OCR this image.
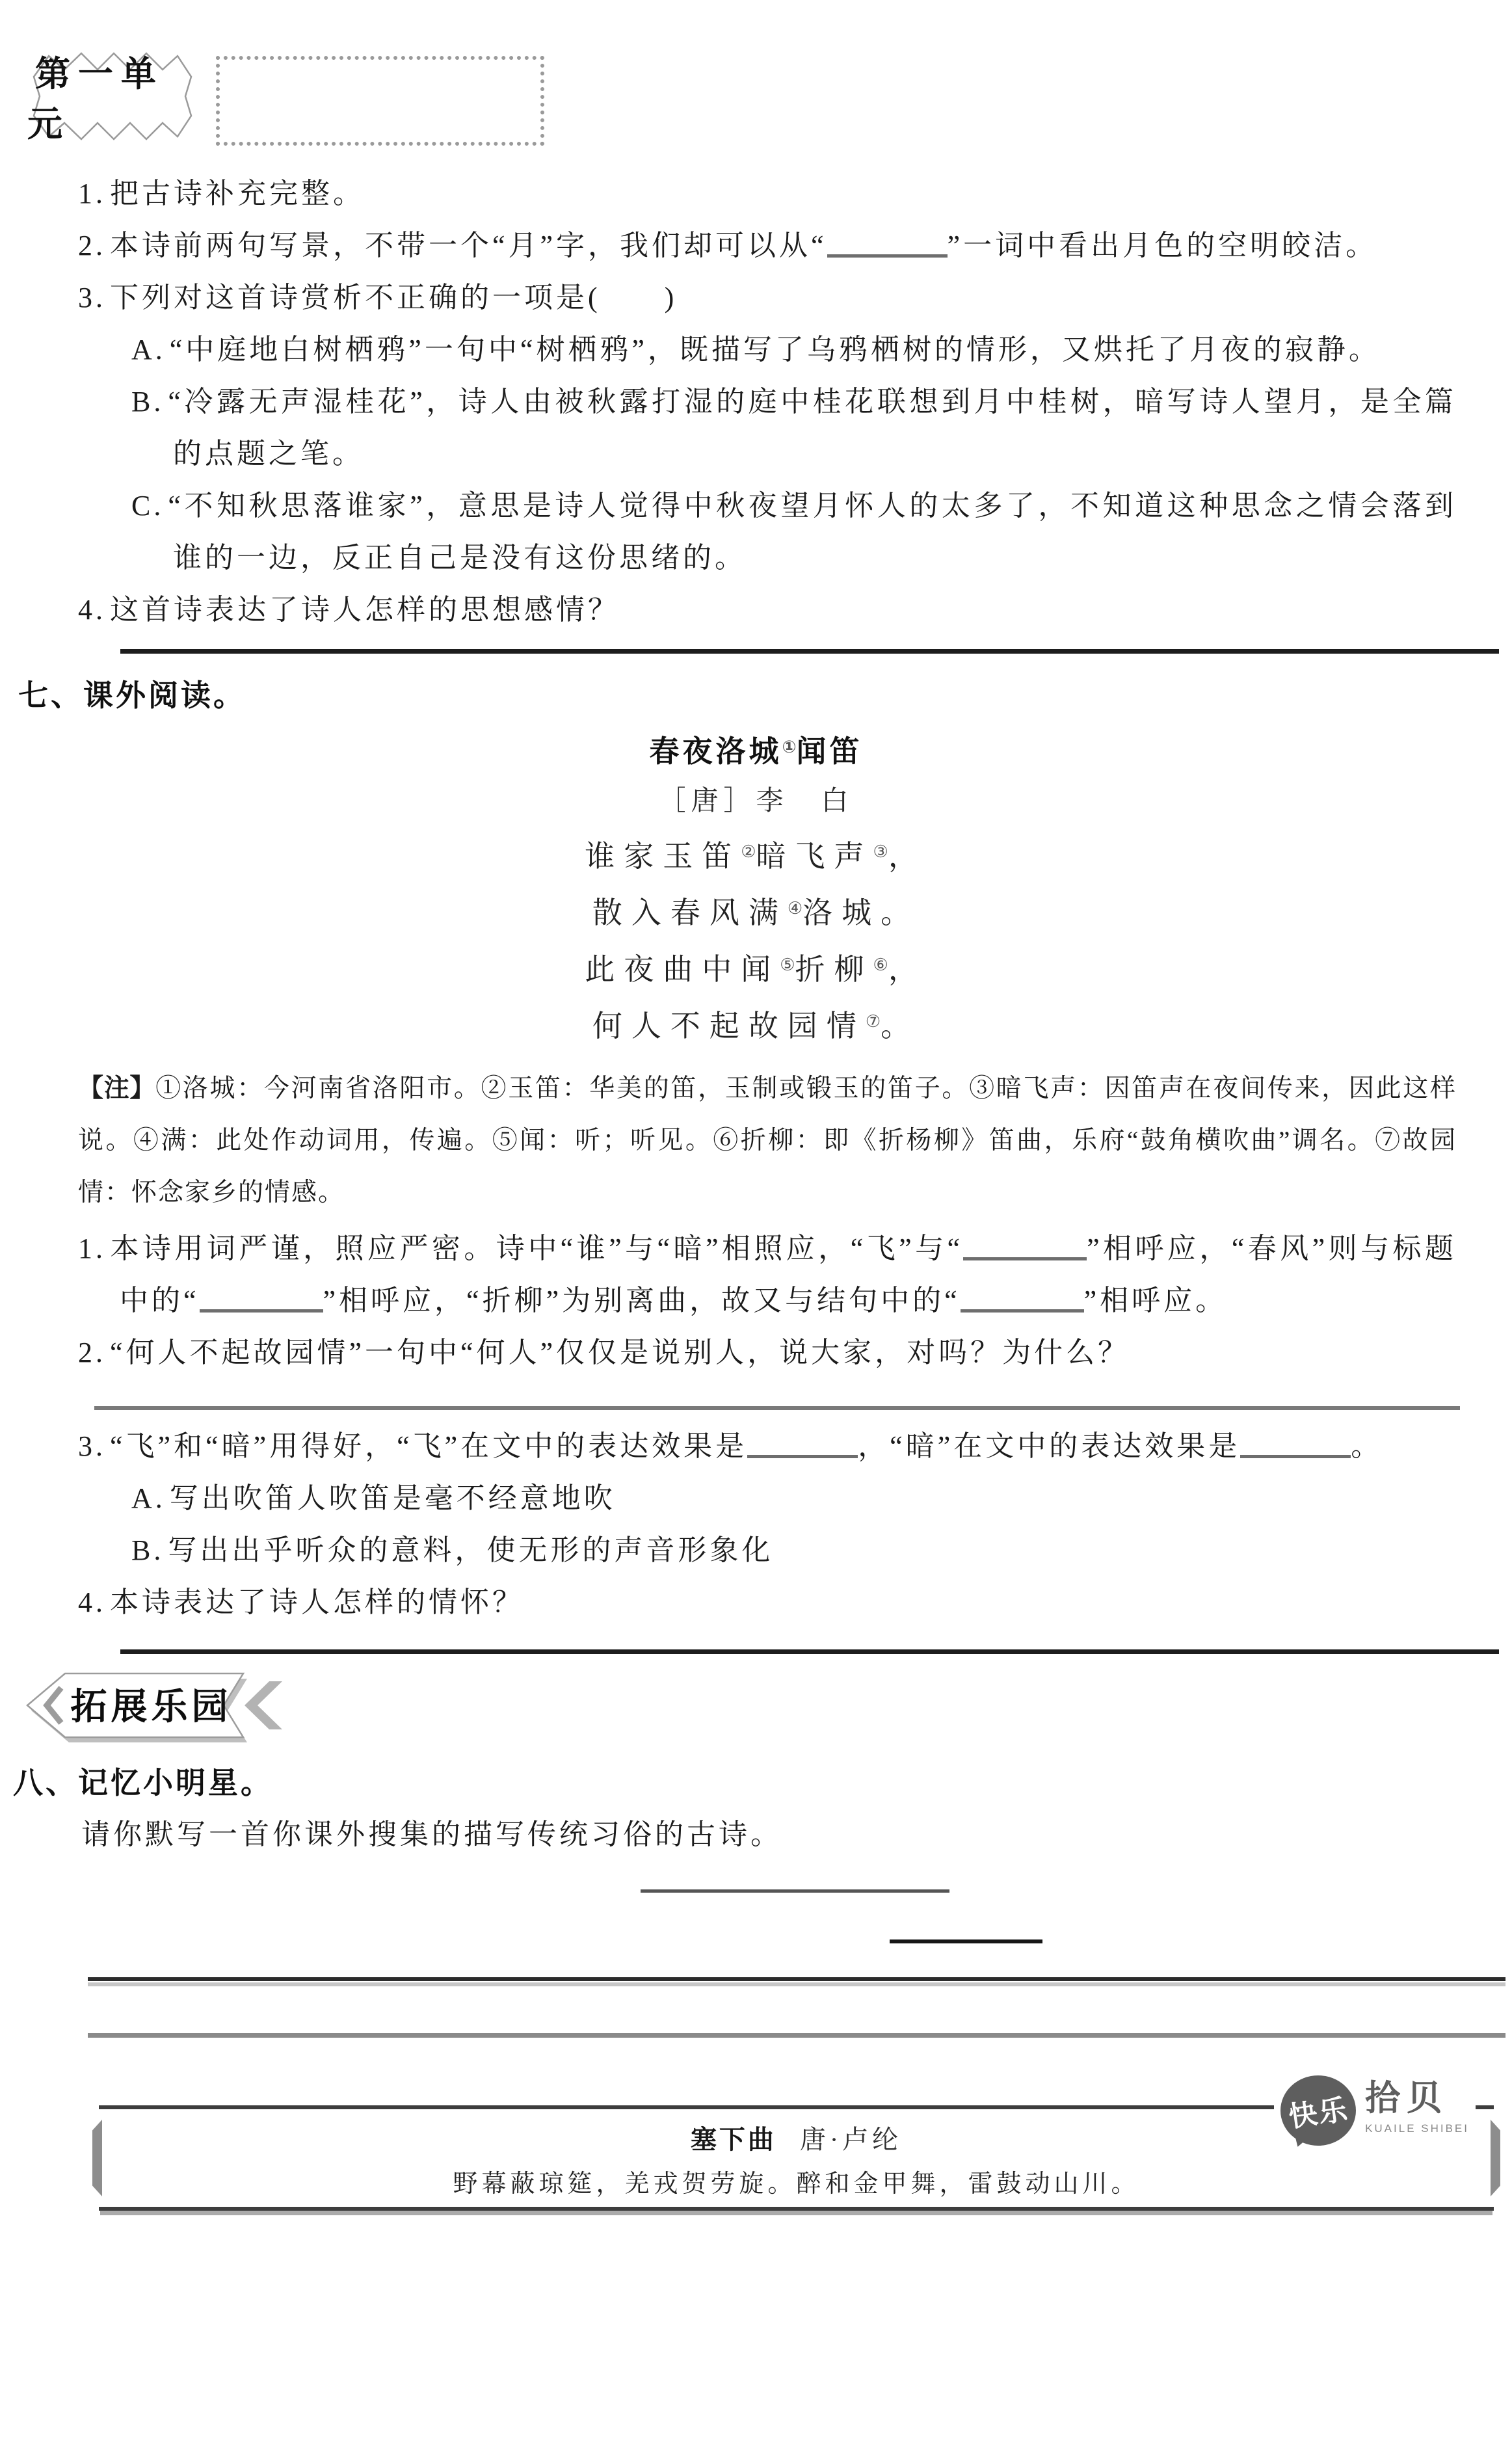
第一单元
1. 把古诗补充完整。
2. 本诗前两句写景，不带一个“月”字，我们却可以从“	”一词中看出月色的空明皎洁。
3. 下列对这首诗赏析不正确的一项是(　　)
A. “中庭地白树栖鸦”一句中“树栖鸦”，既描写了乌鸦栖树的情形，又烘托了月夜的寂静。
B. “冷露无声湿桂花”，诗人由被秋露打湿的庭中桂花联想到月中桂树，暗写诗人望月，是全篇的点题之笔。
C. “不知秋思落谁家”，意思是诗人觉得中秋夜望月怀人的太多了，不知道这种思念之情会落到谁的一边，反正自己是没有这份思绪的。
4. 这首诗表达了诗人怎样的思想感情？
七、课外阅读。
春夜洛城①闻笛
［唐］李　白
谁家玉笛②暗飞声③，
散入春风满④洛城。
此夜曲中闻⑤折柳⑥，
何人不起故园情⑦。
【注】①洛城：今河南省洛阳市。②玉笛：华美的笛，玉制或锻玉的笛子。③暗飞声：因笛声在夜间传来，因此这样说。④满：此处作动词用，传遍。⑤闻：听；听见。⑥折柳：即《折杨柳》笛曲，乐府“鼓角横吹曲”调名。⑦故园情：怀念家乡的情感。
1. 本诗用词严谨，照应严密。诗中“谁”与“暗”相照应，“飞”与“	”相呼应，“春风”则与标题中的“	”相呼应，“折柳”为别离曲，故又与结句中的“	”相呼应。
2. “何人不起故园情”一句中“何人”仅仅是说别人，说大家，对吗？为什么？
3. “飞”和“暗”用得好，“飞”在文中的表达效果是	，“暗”在文中的表达效果是	。
A. 写出吹笛人吹笛是毫不经意地吹
B. 写出出乎听众的意料，使无形的声音形象化
4. 本诗表达了诗人怎样的情怀？
拓展乐园
八、记忆小明星。
请你默写一首你课外搜集的描写传统习俗的古诗。
塞下曲 唐·卢纶
野幕蔽琼筵，羌戎贺劳旋。醉和金甲舞，雷鼓动山川。
快乐 拾贝
KUAILE SHIBEI
